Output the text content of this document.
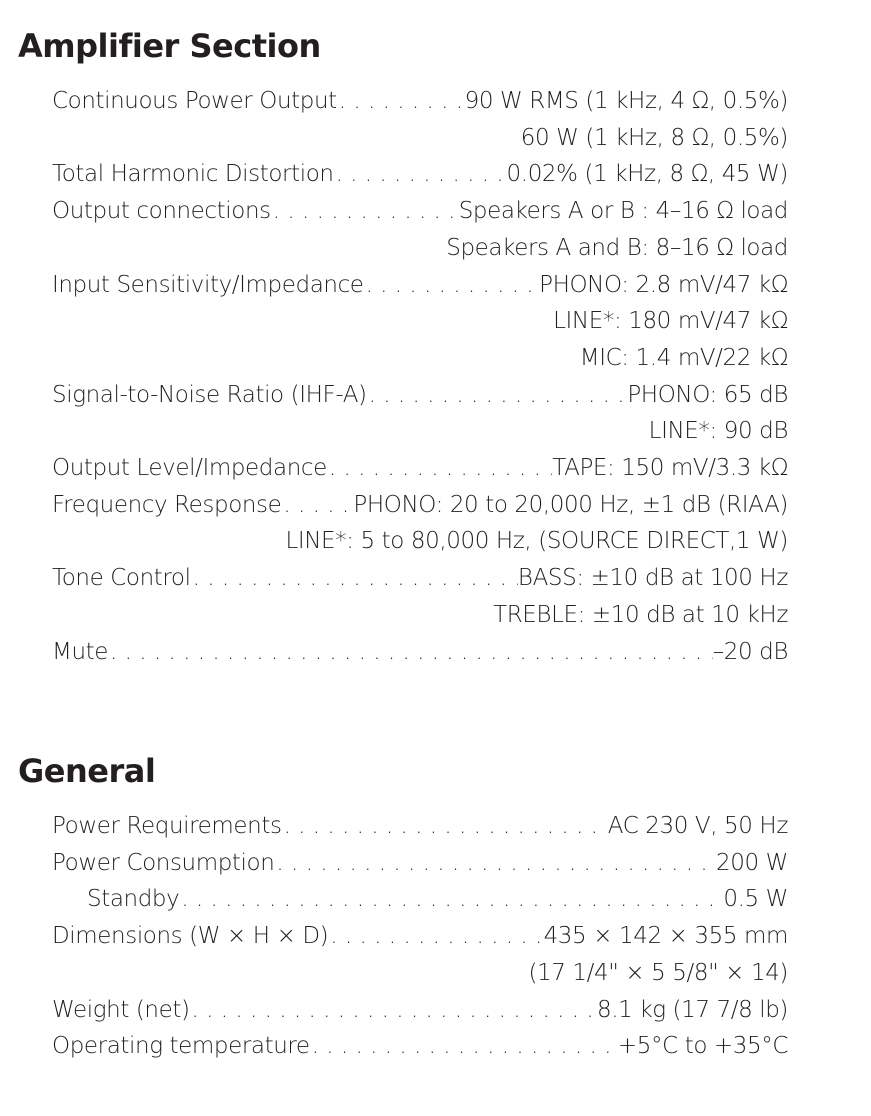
Amplifier Section
Continuous Power Output . . .	90 W RMS (1 kHz, 4 Ω, 0.5%)
60 W (1 kHz, 8 Ω, 0.5%)
Total Harmonic Distortion . . .	0.02% (1 kHz, 8 Ω, 45 W)
Output connections . . .	Speakers A or B : 4–16 Ω load
Speakers A and B: 8–16 Ω load
Input Sensitivity/Impedance . . .	PHONO: 2.8 mV/47 kΩ
LINE*: 180 mV/47 kΩ
MIC: 1.4 mV/22 kΩ
Signal-to-Noise Ratio (IHF-A) . . .	PHONO: 65 dB
LINE*: 90 dB
Output Level/Impedance . . .	TAPE: 150 mV/3.3 kΩ
Frequency Response . . .	PHONO: 20 to 20,000 Hz, ±1 dB (RIAA)
LINE*: 5 to 80,000 Hz, (SOURCE DIRECT,1 W)
Tone Control . . .	BASS: ±10 dB at 100 Hz
TREBLE: ±10 dB at 10 kHz
Mute . . .	–20 dB
General
Power Requirements . . .	AC 230 V, 50 Hz
Power Consumption . . .	200 W
Standby . . .	0.5 W
Dimensions (W × H × D) . . .	435 × 142 × 355 mm
(17 1/4" × 5 5/8" × 14)
Weight (net) . . .	8.1 kg (17 7/8 lb)
Operating temperature . . .	+5°C to +35°C
